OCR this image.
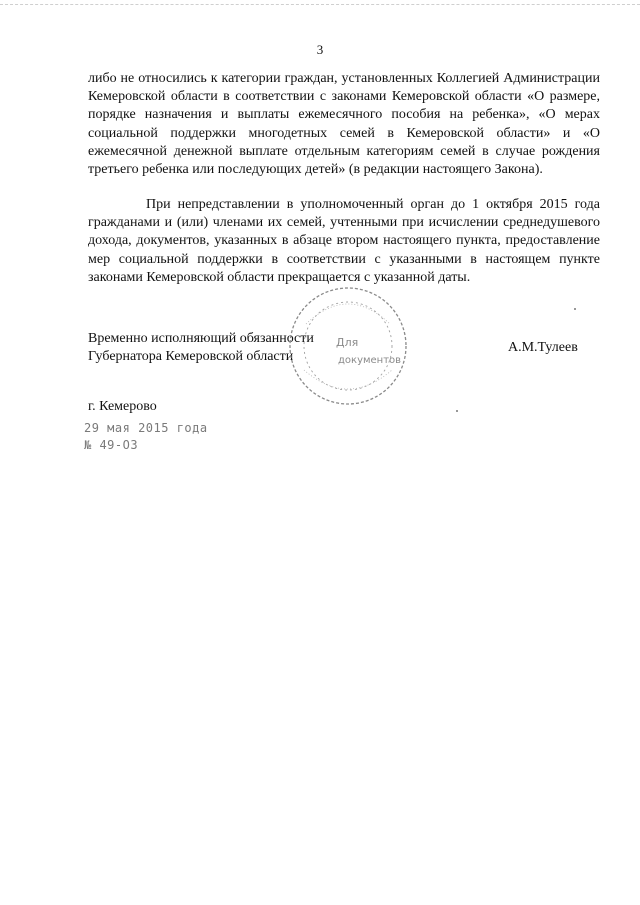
3
либо не относились к категории граждан, установленных Коллегией Администрации Кемеровской области в соответствии с законами Кемеровской области «О размере, порядке назначения и выплаты ежемесячного пособия на ребенка», «О мерах социальной поддержки многодетных семей в Кемеровской области» и «О ежемесячной денежной выплате отдельным категориям семей в случае рождения третьего ребенка или последующих детей» (в редакции настоящего Закона).
При непредставлении в уполномоченный орган до 1 октября 2015 года гражданами и (или) членами их семей, учтенными при исчислении среднедушевого дохода, документов, указанных в абзаце втором настоящего пункта, предоставление мер социальной поддержки в соответствии с указанными в настоящем пункте законами Кемеровской области прекращается с указанной даты.
Временно исполняющий обязанности
Губернатора Кемеровской области
А.М.Тулеев
Для
документов
г. Кемерово
29 мая 2015 года
№ 49-ОЗ
